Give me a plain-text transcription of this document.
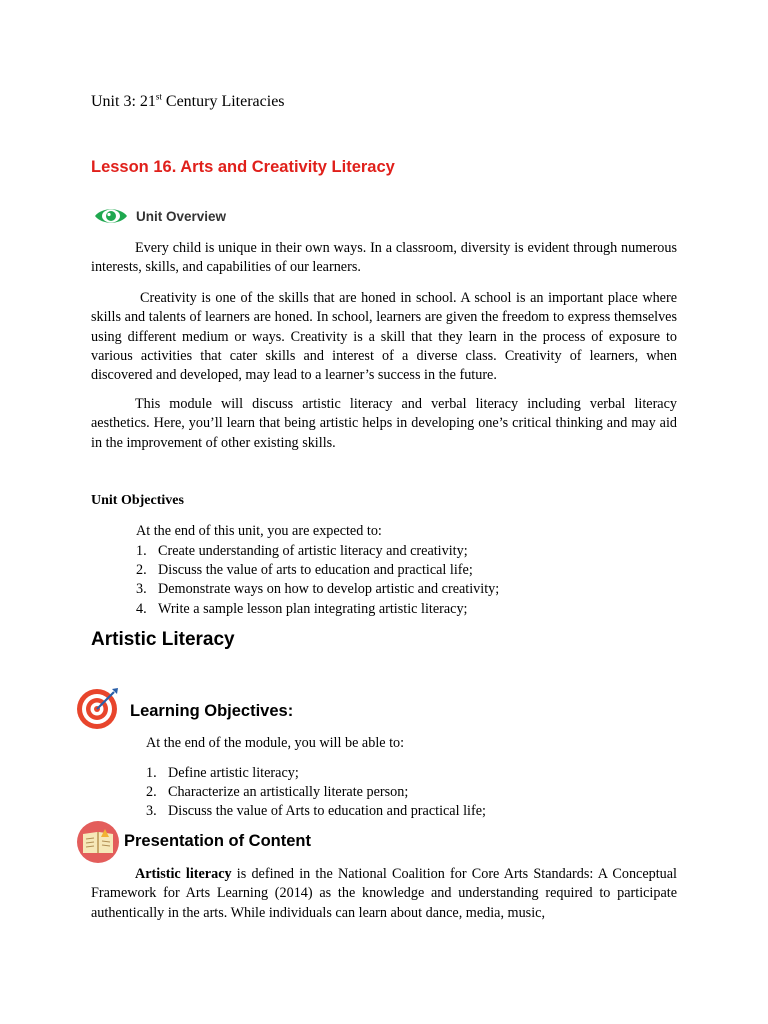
Unit 3: 21st Century Literacies
Lesson 16. Arts and Creativity Literacy
Unit Overview
Every child is unique in their own ways. In a classroom, diversity is evident through numerous interests, skills, and capabilities of our learners.
Creativity is one of the skills that are honed in school. A school is an important place where skills and talents of learners are honed. In school, learners are given the freedom to express themselves using different medium or ways. Creativity is a skill that they learn in the process of exposure to various activities that cater skills and interest of a diverse class. Creativity of learners, when discovered and developed, may lead to a learner’s success in the future.
This module will discuss artistic literacy and verbal literacy including verbal literacy aesthetics. Here, you’ll learn that being artistic helps in developing one’s critical thinking and may aid in the improvement of other existing skills.
Unit Objectives
At the end of this unit, you are expected to:
1. Create understanding of artistic literacy and creativity;
2. Discuss the value of arts to education and practical life;
3. Demonstrate ways on how to develop artistic and creativity;
4. Write a sample lesson plan integrating artistic literacy;
Artistic Literacy
Learning Objectives:
At the end of the module, you will be able to:
1. Define artistic literacy;
2. Characterize an artistically literate person;
3. Discuss the value of Arts to education and practical life;
Presentation of Content
Artistic literacy is defined in the National Coalition for Core Arts Standards: A Conceptual Framework for Arts Learning (2014) as the knowledge and understanding required to participate authentically in the arts. While individuals can learn about dance, media, music,
